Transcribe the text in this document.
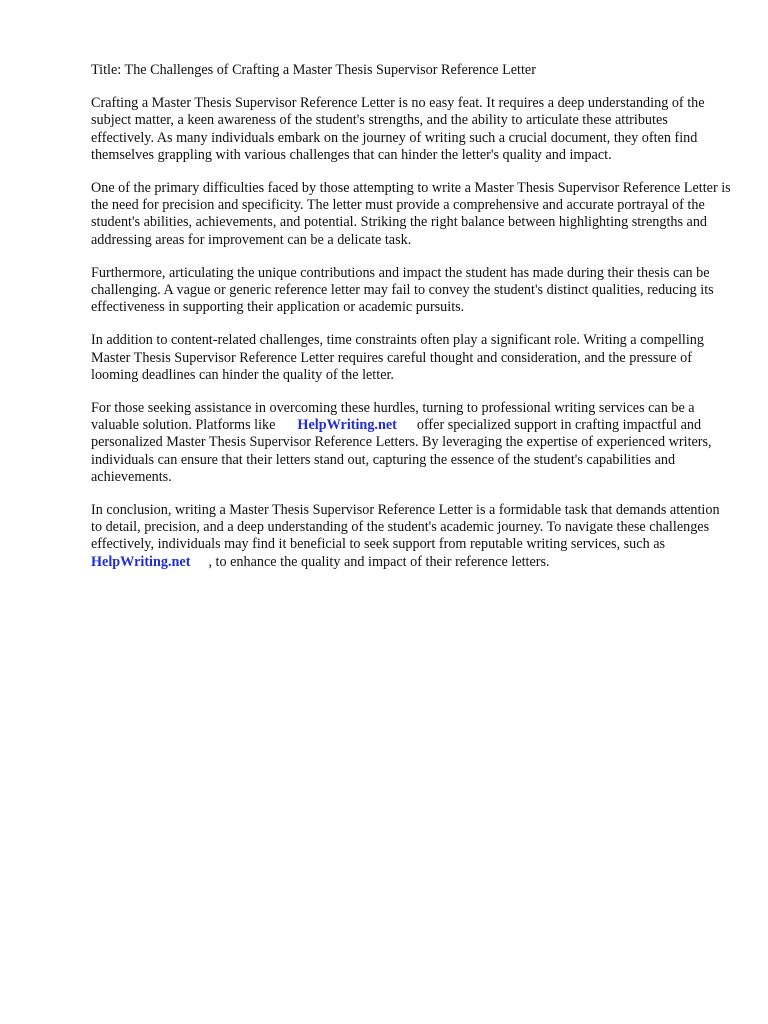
Title: The Challenges of Crafting a Master Thesis Supervisor Reference Letter

Crafting a Master Thesis Supervisor Reference Letter is no easy feat. It requires a deep understanding of the subject matter, a keen awareness of the student's strengths, and the ability to articulate these attributes effectively. As many individuals embark on the journey of writing such a crucial document, they often find themselves grappling with various challenges that can hinder the letter's quality and impact.

One of the primary difficulties faced by those attempting to write a Master Thesis Supervisor Reference Letter is the need for precision and specificity. The letter must provide a comprehensive and accurate portrayal of the student's abilities, achievements, and potential. Striking the right balance between highlighting strengths and addressing areas for improvement can be a delicate task.

Furthermore, articulating the unique contributions and impact the student has made during their thesis can be challenging. A vague or generic reference letter may fail to convey the student's distinct qualities, reducing its effectiveness in supporting their application or academic pursuits.

In addition to content-related challenges, time constraints often play a significant role. Writing a compelling Master Thesis Supervisor Reference Letter requires careful thought and consideration, and the pressure of looming deadlines can hinder the quality of the letter.

For those seeking assistance in overcoming these hurdles, turning to professional writing services can be a valuable solution. Platforms like HelpWriting.net offer specialized support in crafting impactful and personalized Master Thesis Supervisor Reference Letters. By leveraging the expertise of experienced writers, individuals can ensure that their letters stand out, capturing the essence of the student's capabilities and achievements.

In conclusion, writing a Master Thesis Supervisor Reference Letter is a formidable task that demands attention to detail, precision, and a deep understanding of the student's academic journey. To navigate these challenges effectively, individuals may find it beneficial to seek support from reputable writing services, such asHelpWriting.net , to enhance the quality and impact of their reference letters.
